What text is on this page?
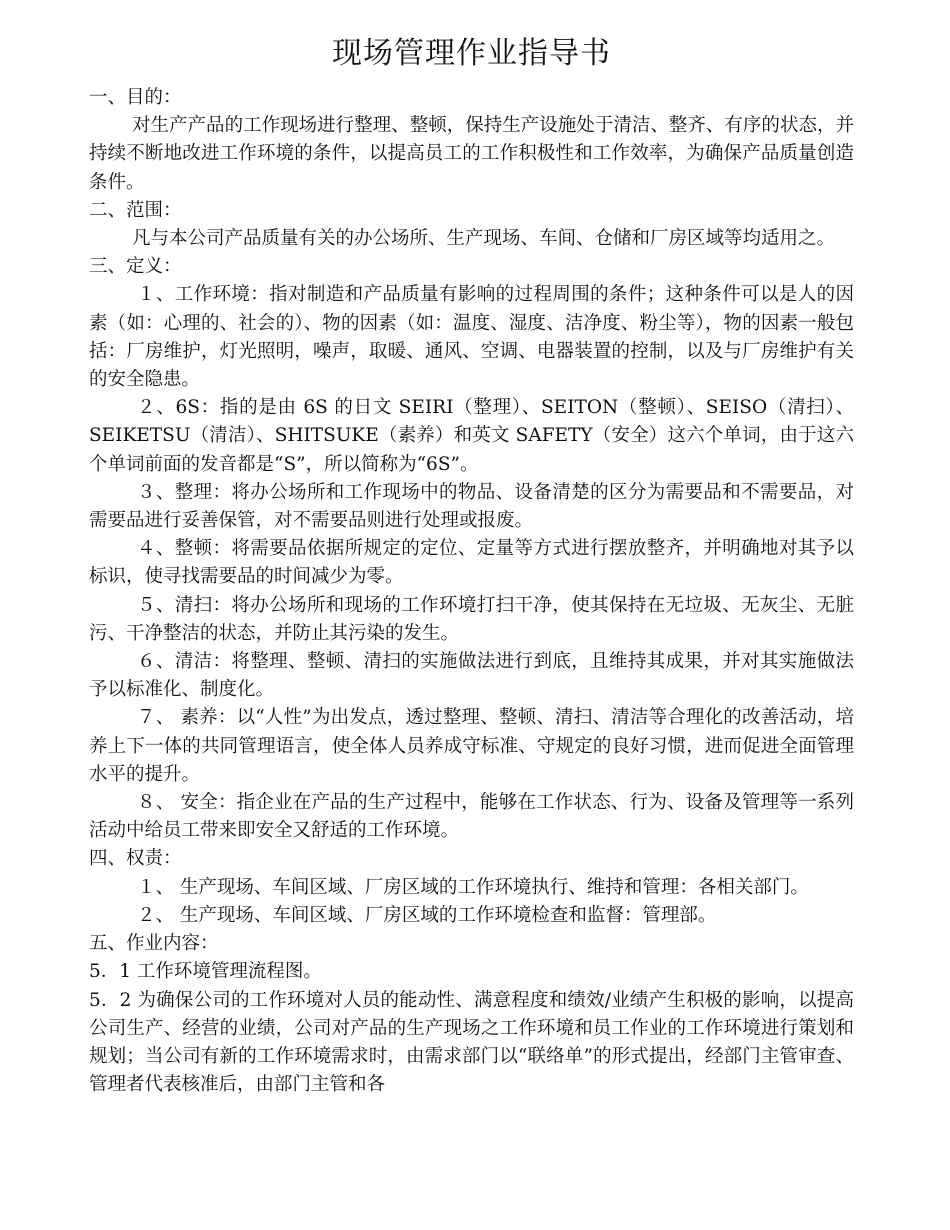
现场管理作业指导书

一、目的：

对生产产品的工作现场进行整理、整顿，保持生产设施处于清洁、整齐、有序的状态，并持续不断地改进工作环境的条件，以提高员工的工作积极性和工作效率，为确保产品质量创造条件。

二、范围：

凡与本公司产品质量有关的办公场所、生产现场、车间、仓储和厂房区域等均适用之。

三、定义：

１、工作环境：指对制造和产品质量有影响的过程周围的条件；这种条件可以是人的因素（如：心理的、社会的）、物的因素（如：温度、湿度、洁净度、粉尘等），物的因素一般包括：厂房维护，灯光照明，噪声，取暖、通风、空调、电器装置的控制，以及与厂房维护有关的安全隐患。

２、6S：指的是由 6S 的日文 SEIRI（整理）、SEITON（整顿）、SEISO（清扫）、SEIKETSU（清洁）、SHITSUKE（素养）和英文 SAFETY（安全）这六个单词，由于这六个单词前面的发音都是“S”，所以简称为“6S”。

３、整理：将办公场所和工作现场中的物品、设备清楚的区分为需要品和不需要品，对需要品进行妥善保管，对不需要品则进行处理或报废。

４、整顿：将需要品依据所规定的定位、定量等方式进行摆放整齐，并明确地对其予以标识，使寻找需要品的时间减少为零。

５、清扫：将办公场所和现场的工作环境打扫干净，使其保持在无垃圾、无灰尘、无脏污、干净整洁的状态，并防止其污染的发生。

６、清洁：将整理、整顿、清扫的实施做法进行到底，且维持其成果，并对其实施做法予以标准化、制度化。

７、 素养：以“人性”为出发点，透过整理、整顿、清扫、清洁等合理化的改善活动，培养上下一体的共同管理语言，使全体人员养成守标准、守规定的良好习惯，进而促进全面管理水平的提升。

８、 安全：指企业在产品的生产过程中，能够在工作状态、行为、设备及管理等一系列活动中给员工带来即安全又舒适的工作环境。

四、权责：

１、 生产现场、车间区域、厂房区域的工作环境执行、维持和管理：各相关部门。

２、 生产现场、车间区域、厂房区域的工作环境检查和监督：管理部。

五、作业内容：

5．1 工作环境管理流程图。

5．2 为确保公司的工作环境对人员的能动性、满意程度和绩效/业绩产生积极的影响，以提高公司生产、经营的业绩，公司对产品的生产现场之工作环境和员工作业的工作环境进行策划和规划；当公司有新的工作环境需求时，由需求部门以“联络单”的形式提出，经部门主管审查、管理者代表核准后，由部门主管和各
